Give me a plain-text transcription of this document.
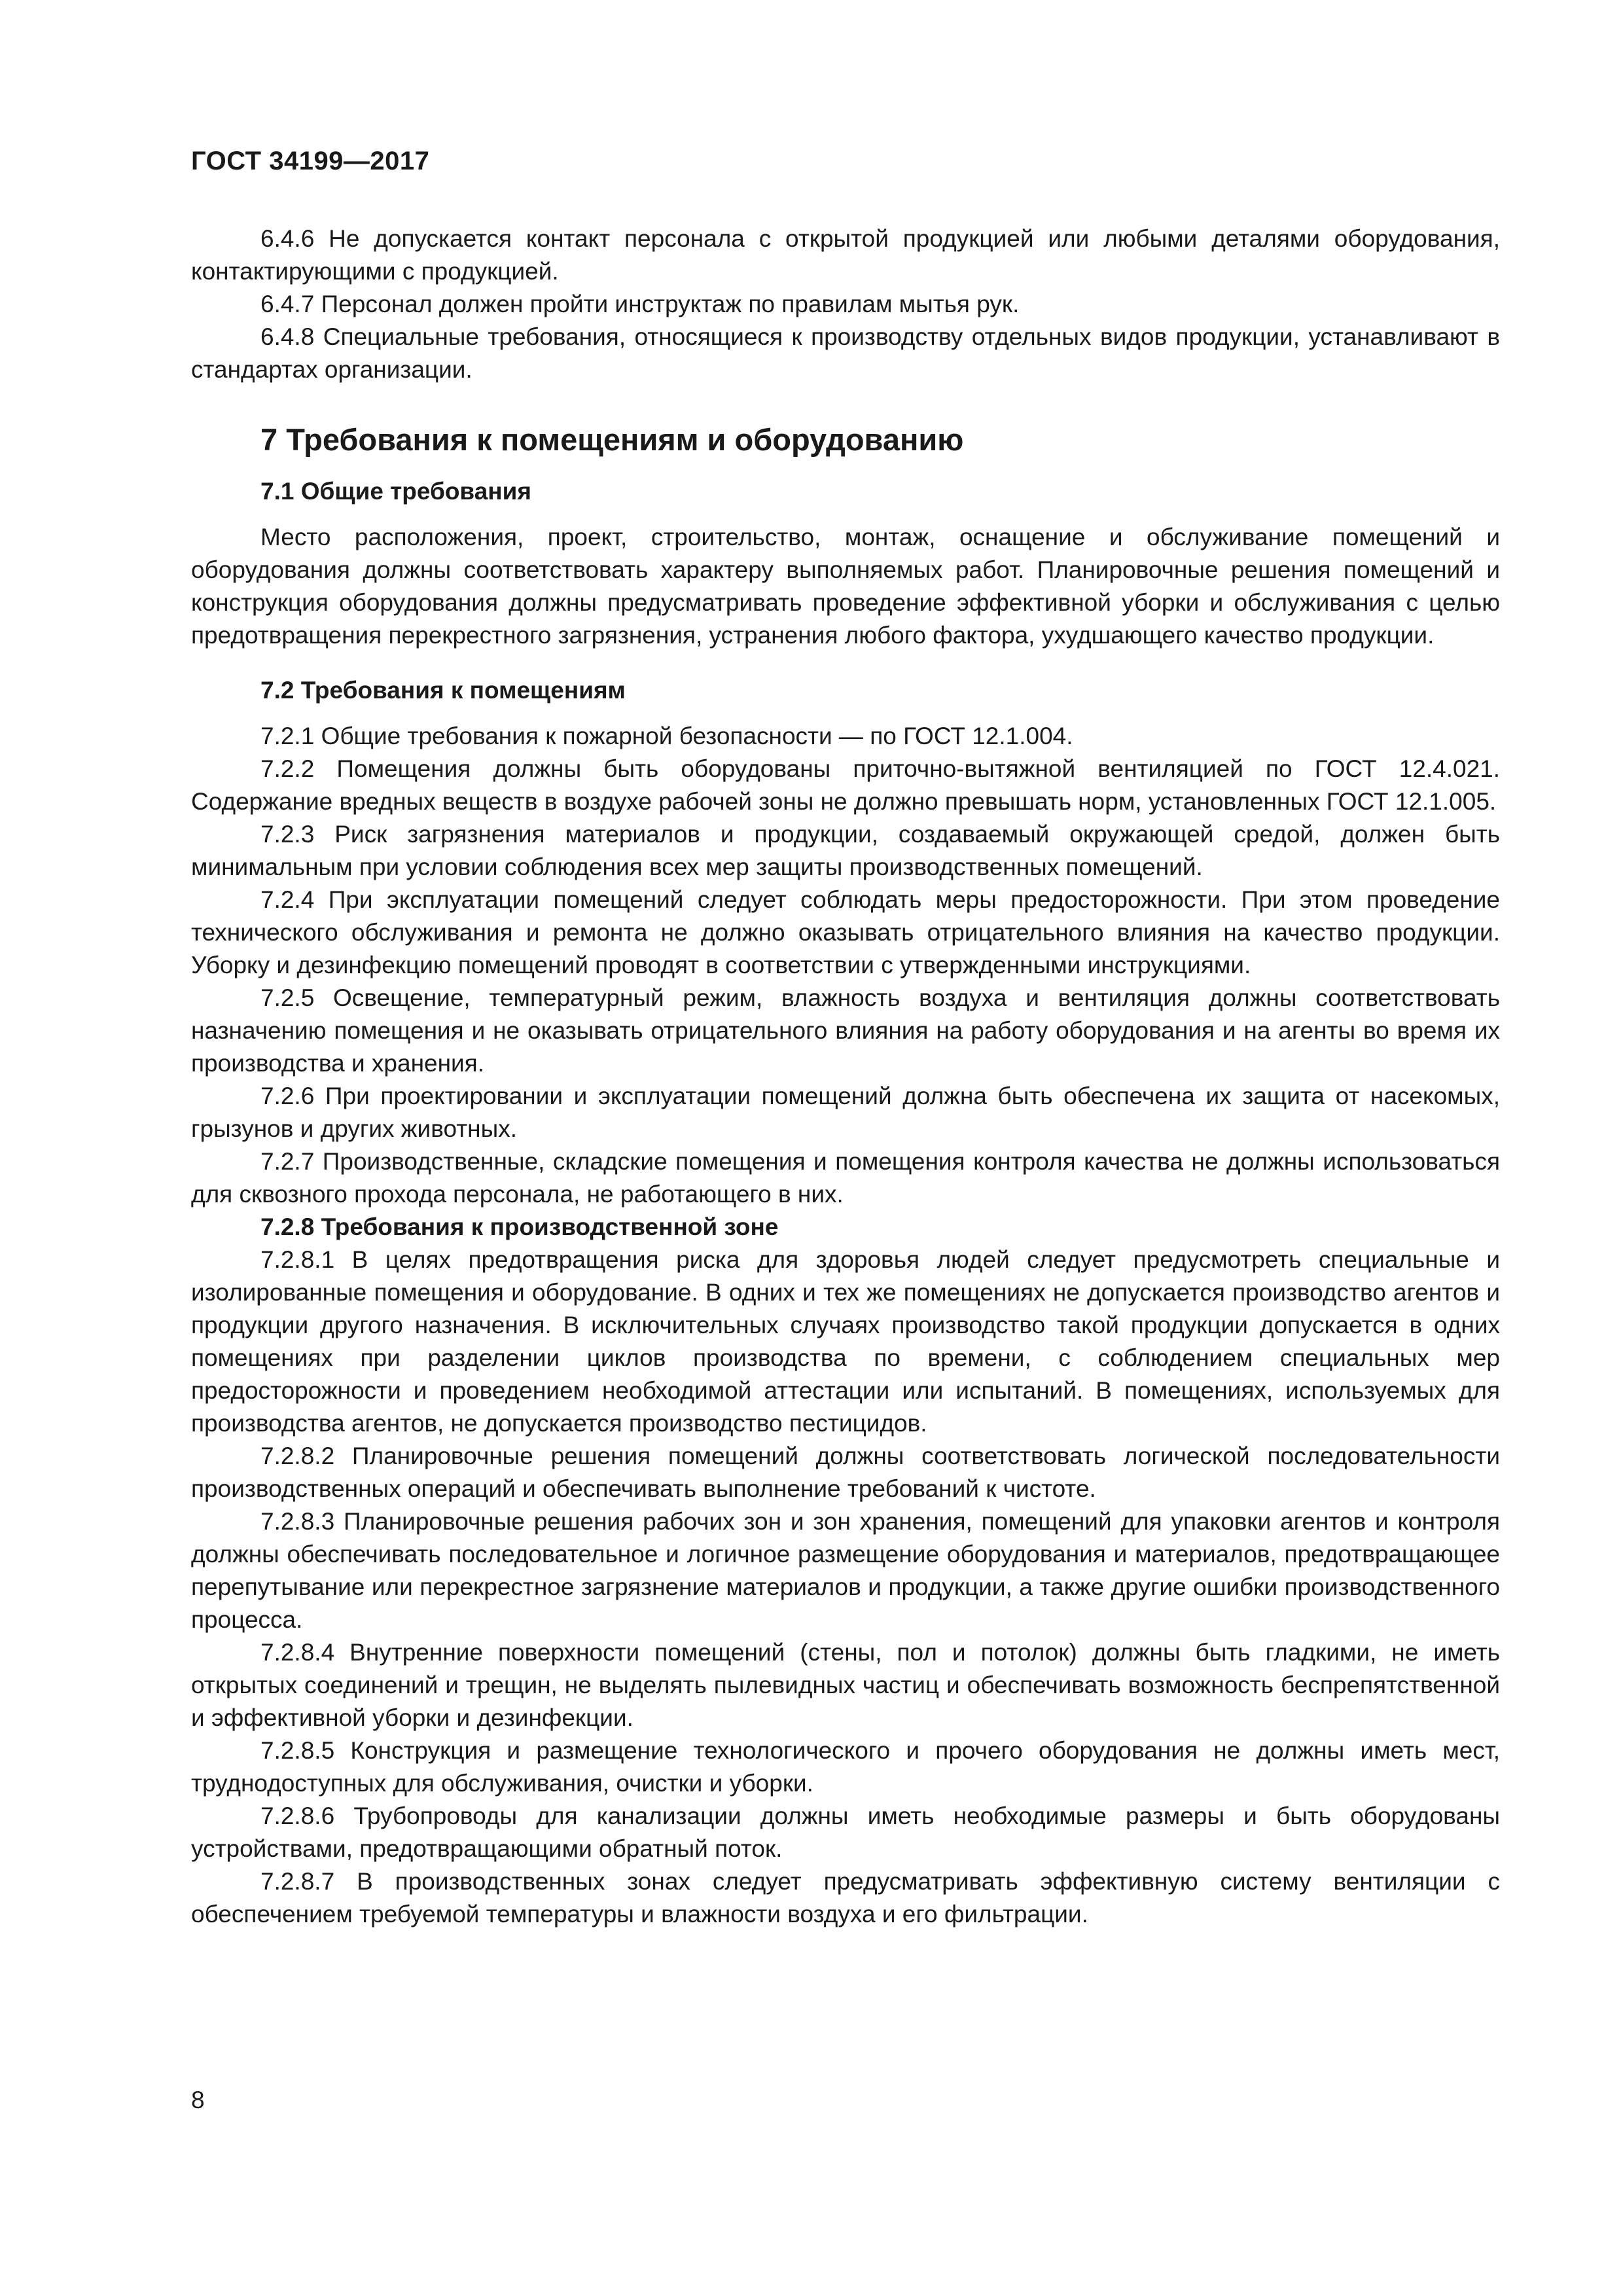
ГОСТ 34199—2017

6.4.6 Не допускается контакт персонала с открытой продукцией или любыми деталями оборудования, контактирующими с продукцией.

6.4.7 Персонал должен пройти инструктаж по правилам мытья рук.

6.4.8 Специальные требования, относящиеся к производству отдельных видов продукции, устанавливают в стандартах организации.

7 Требования к помещениям и оборудованию
7.1 Общие требования

Место расположения, проект, строительство, монтаж, оснащение и обслуживание помещений и оборудования должны соответствовать характеру выполняемых работ. Планировочные решения помещений и конструкция оборудования должны предусматривать проведение эффективной уборки и обслуживания с целью предотвращения перекрестного загрязнения, устранения любого фактора, ухудшающего качество продукции.

7.2 Требования к помещениям

7.2.1 Общие требования к пожарной безопасности — по ГОСТ 12.1.004.

7.2.2 Помещения должны быть оборудованы приточно-вытяжной вентиляцией по ГОСТ 12.4.021. Содержание вредных веществ в воздухе рабочей зоны не должно превышать норм, установленных ГОСТ 12.1.005.

7.2.3 Риск загрязнения материалов и продукции, создаваемый окружающей средой, должен быть минимальным при условии соблюдения всех мер защиты производственных помещений.

7.2.4 При эксплуатации помещений следует соблюдать меры предосторожности. При этом проведение технического обслуживания и ремонта не должно оказывать отрицательного влияния на качество продукции. Уборку и дезинфекцию помещений проводят в соответствии с утвержденными инструкциями.

7.2.5 Освещение, температурный режим, влажность воздуха и вентиляция должны соответствовать назначению помещения и не оказывать отрицательного влияния на работу оборудования и на агенты во время их производства и хранения.

7.2.6 При проектировании и эксплуатации помещений должна быть обеспечена их защита от насекомых, грызунов и других животных.

7.2.7 Производственные, складские помещения и помещения контроля качества не должны использоваться для сквозного прохода персонала, не работающего в них.

7.2.8 Требования к производственной зоне

7.2.8.1 В целях предотвращения риска для здоровья людей следует предусмотреть специальные и изолированные помещения и оборудование. В одних и тех же помещениях не допускается производство агентов и продукции другого назначения. В исключительных случаях производство такой продукции допускается в одних помещениях при разделении циклов производства по времени, с соблюдением специальных мер предосторожности и проведением необходимой аттестации или испытаний. В помещениях, используемых для производства агентов, не допускается производство пестицидов.

7.2.8.2 Планировочные решения помещений должны соответствовать логической последовательности производственных операций и обеспечивать выполнение требований к чистоте.

7.2.8.3 Планировочные решения рабочих зон и зон хранения, помещений для упаковки агентов и контроля должны обеспечивать последовательное и логичное размещение оборудования и материалов, предотвращающее перепутывание или перекрестное загрязнение материалов и продукции, а также другие ошибки производственного процесса.

7.2.8.4 Внутренние поверхности помещений (стены, пол и потолок) должны быть гладкими, не иметь открытых соединений и трещин, не выделять пылевидных частиц и обеспечивать возможность беспрепятственной и эффективной уборки и дезинфекции.

7.2.8.5 Конструкция и размещение технологического и прочего оборудования не должны иметь мест, труднодоступных для обслуживания, очистки и уборки.

7.2.8.6 Трубопроводы для канализации должны иметь необходимые размеры и быть оборудованы устройствами, предотвращающими обратный поток.

7.2.8.7 В производственных зонах следует предусматривать эффективную систему вентиляции с обеспечением требуемой температуры и влажности воздуха и его фильтрации.

8
